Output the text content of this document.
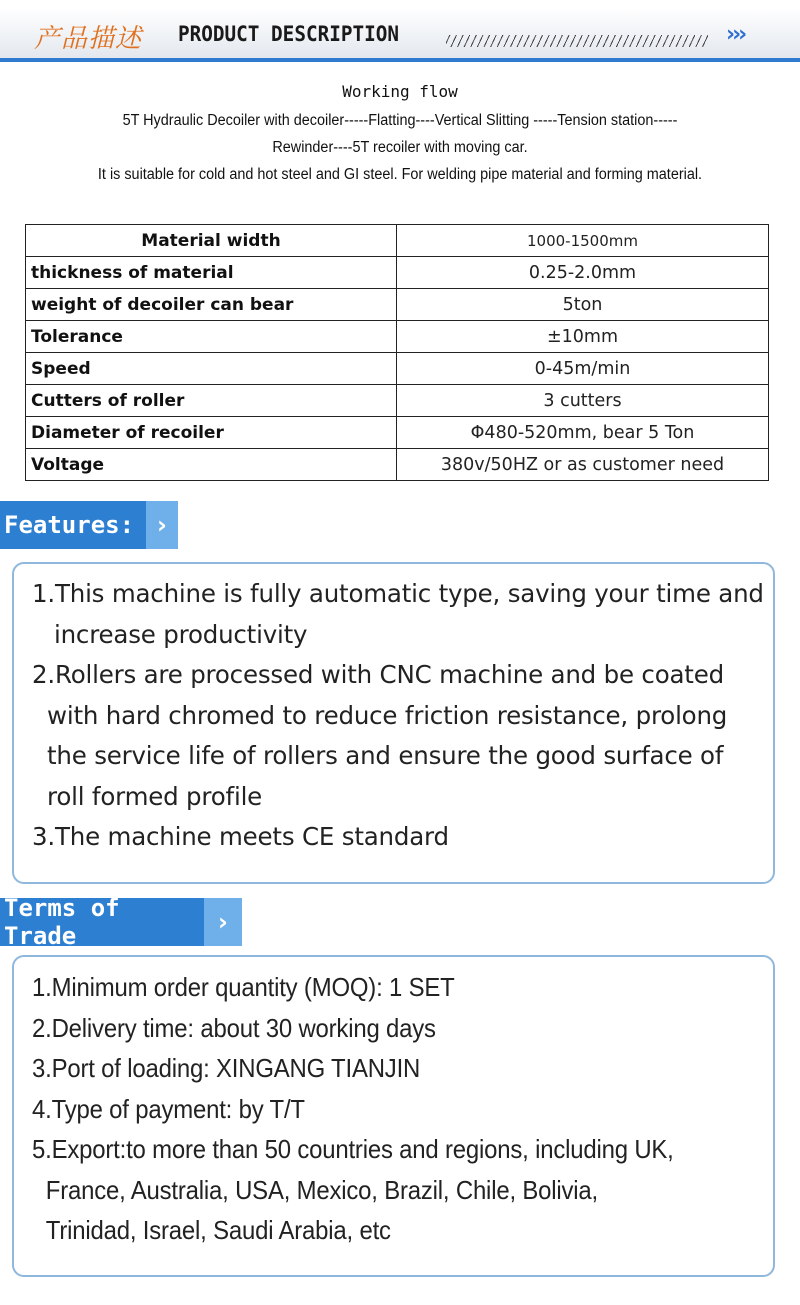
产品描述 PRODUCT DESCRIPTION	›››
Working flow
5T Hydraulic Decoiler with decoiler-----Flatting----Vertical Slitting -----Tension station-----
Rewinder----5T recoiler with moving car.
It is suitable for cold and hot steel and GI steel. For welding pipe material and forming material.
Material width	1000-1500mm
thickness of material	0.25-2.0mm
weight of decoiler can bear	5ton
Tolerance	±10mm
Speed	0-45m/min
Cutters of roller	3 cutters
Diameter of recoiler	Φ480-520mm, bear 5 Ton
Voltage	380v/50HZ or as customer need
Features: ›

1.This machine is fully automatic type, saving your time and

increase productivity

2.Rollers are processed with CNC machine and be coated

with hard chromed to reduce friction resistance, prolong

the service life of rollers and ensure the good surface of

roll formed profile

3.The machine meets CE standard

Terms of Trade	›

1.Minimum order quantity (MOQ): 1 SET

2.Delivery time: about 30 working days

3.Port of loading: XINGANG TIANJIN

4.Type of payment: by T/T

5.Export:to more than 50 countries and regions, including UK,

France, Australia, USA, Mexico, Brazil, Chile, Bolivia,

Trinidad, Israel, Saudi Arabia, etc
